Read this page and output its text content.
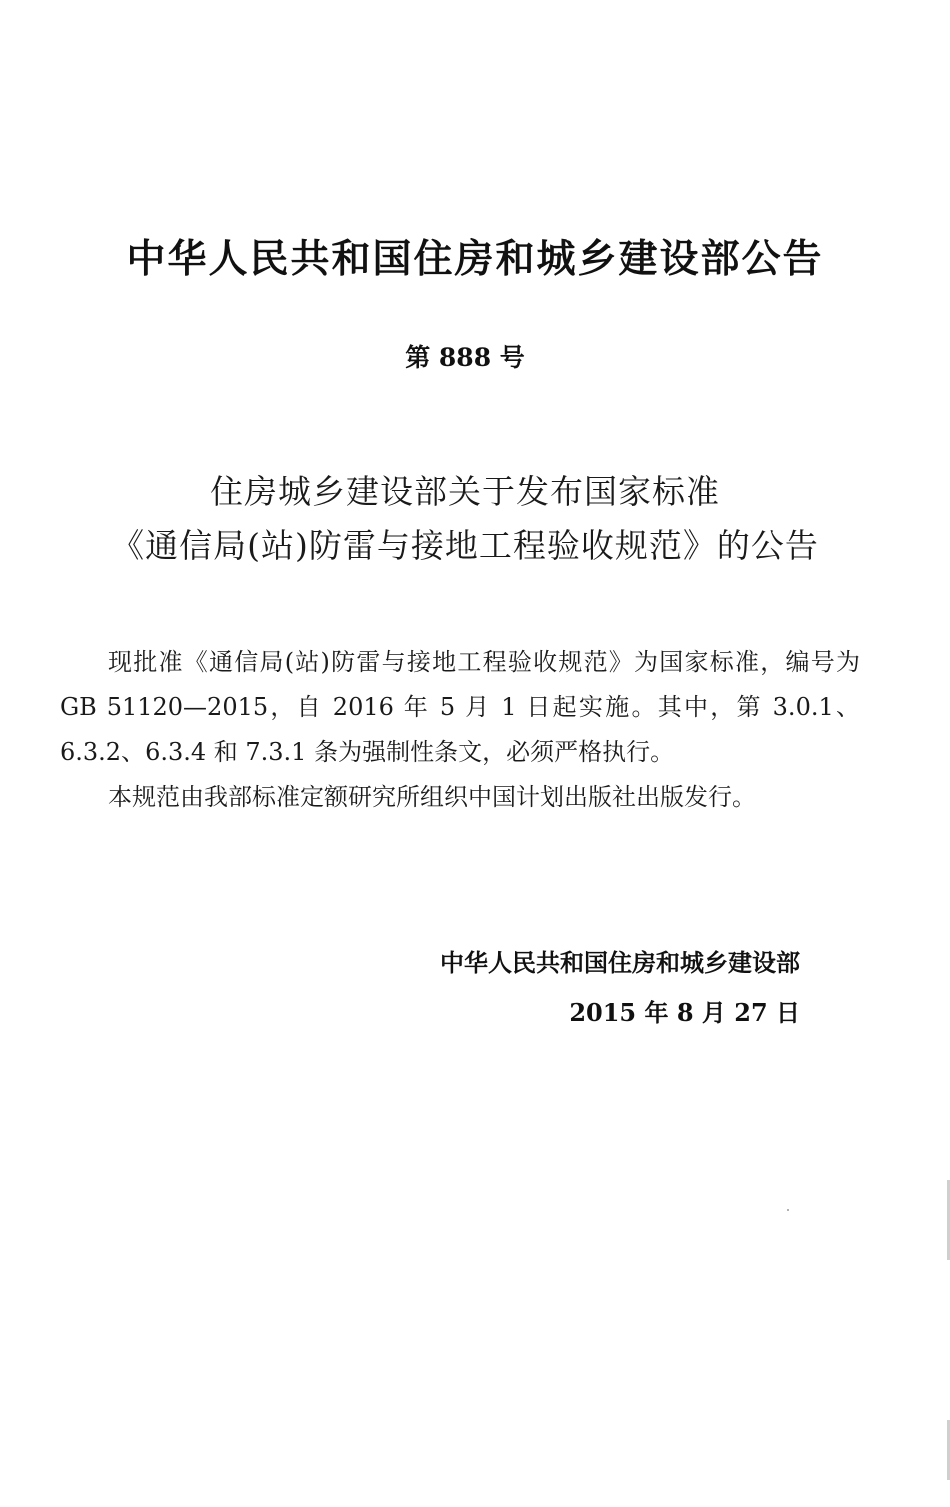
中华人民共和国住房和城乡建设部公告
第 888 号
住房城乡建设部关于发布国家标准
《通信局(站)防雷与接地工程验收规范》的公告

现批准《通信局(站)防雷与接地工程验收规范》为国家标准，编号为 GB 51120—2015，自 2016 年 5 月 1 日起实施。其中，第 3.0.1、6.3.2、6.3.4 和 7.3.1 条为强制性条文，必须严格执行。

本规范由我部标准定额研究所组织中国计划出版社出版发行。

中华人民共和国住房和城乡建设部
2015 年 8 月 27 日
